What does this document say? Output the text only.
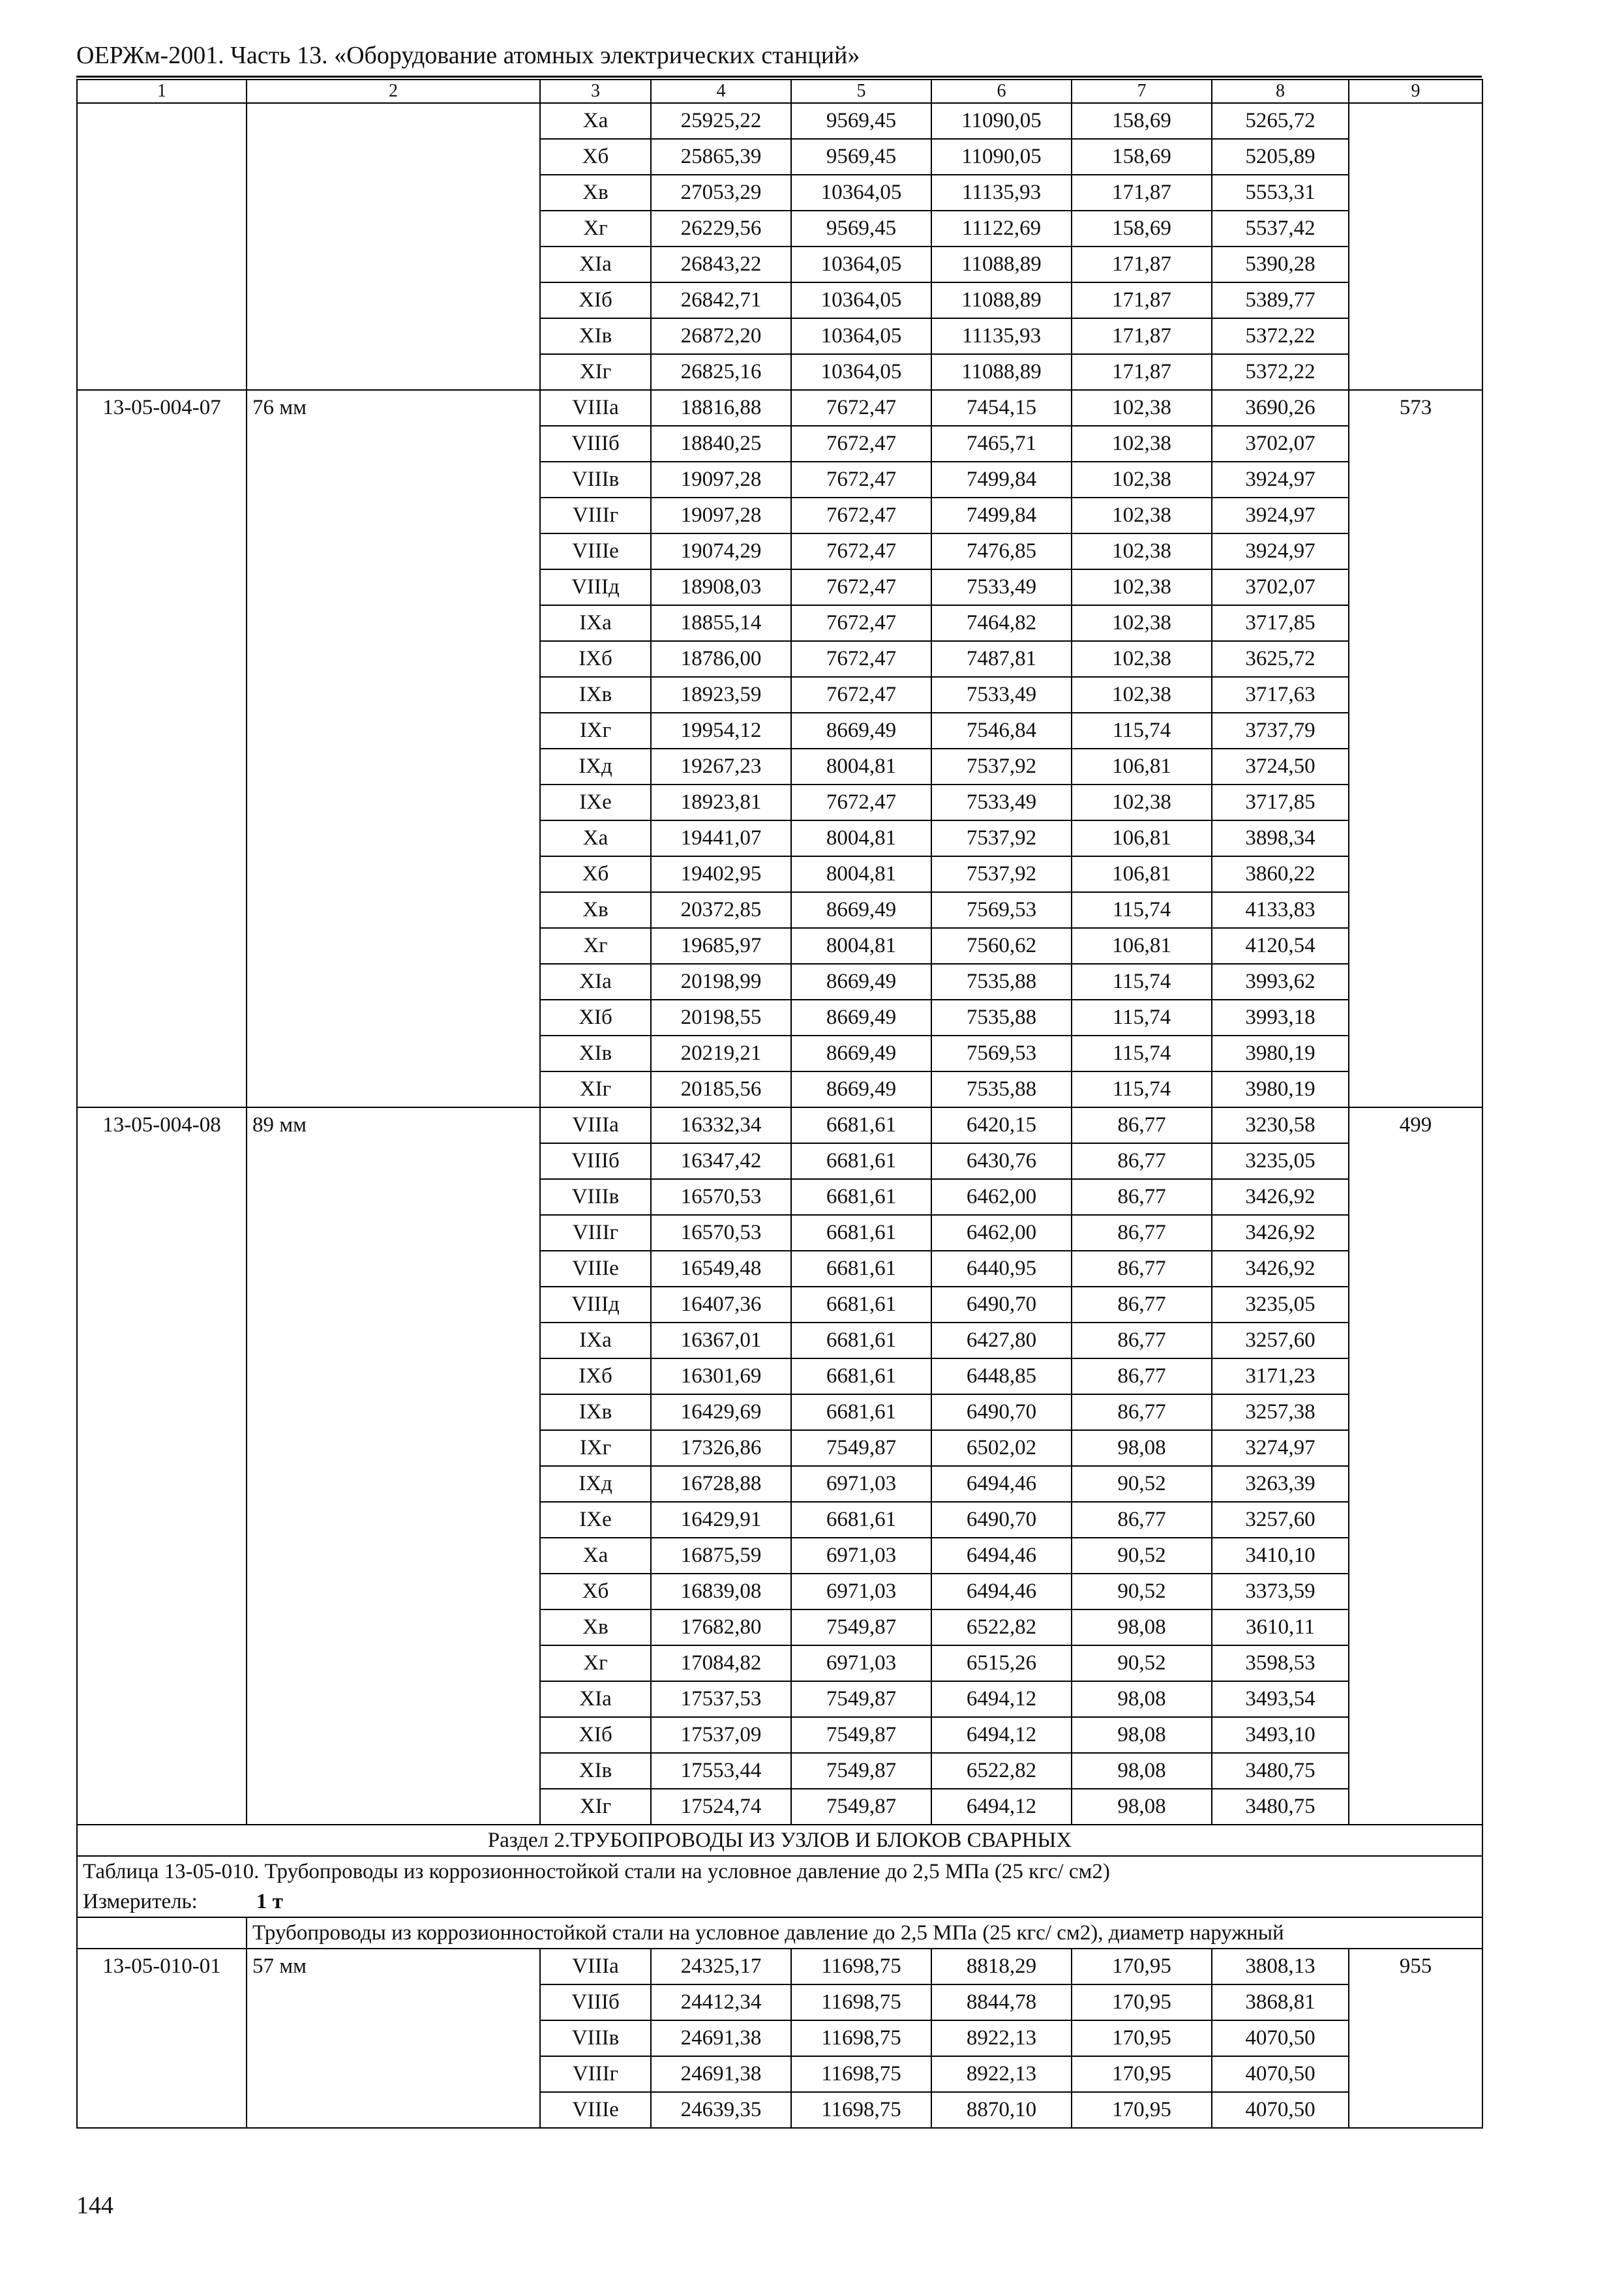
ОЕРЖм-2001. Часть 13. «Оборудование атомных электрических станций»
1	2	3	4	5	6	7	8	9
		Xа	25925,22	9569,45	11090,05	158,69	5265,72	
		Xб	25865,39	9569,45	11090,05	158,69	5205,89	
		Xв	27053,29	10364,05	11135,93	171,87	5553,31	
		Xг	26229,56	9569,45	11122,69	158,69	5537,42	
		XIа	26843,22	10364,05	11088,89	171,87	5390,28	
		XIб	26842,71	10364,05	11088,89	171,87	5389,77	
		XIв	26872,20	10364,05	11135,93	171,87	5372,22	
		XIг	26825,16	10364,05	11088,89	171,87	5372,22	
13-05-004-07	76 мм	VIIIа	18816,88	7672,47	7454,15	102,38	3690,26	573
		VIIIб	18840,25	7672,47	7465,71	102,38	3702,07	
		VIIIв	19097,28	7672,47	7499,84	102,38	3924,97	
		VIIIг	19097,28	7672,47	7499,84	102,38	3924,97	
		VIIIе	19074,29	7672,47	7476,85	102,38	3924,97	
		VIIIд	18908,03	7672,47	7533,49	102,38	3702,07	
		IXа	18855,14	7672,47	7464,82	102,38	3717,85	
		IXб	18786,00	7672,47	7487,81	102,38	3625,72	
		IXв	18923,59	7672,47	7533,49	102,38	3717,63	
		IXг	19954,12	8669,49	7546,84	115,74	3737,79	
		IXд	19267,23	8004,81	7537,92	106,81	3724,50	
		IXе	18923,81	7672,47	7533,49	102,38	3717,85	
		Xа	19441,07	8004,81	7537,92	106,81	3898,34	
		Xб	19402,95	8004,81	7537,92	106,81	3860,22	
		Xв	20372,85	8669,49	7569,53	115,74	4133,83	
		Xг	19685,97	8004,81	7560,62	106,81	4120,54	
		XIа	20198,99	8669,49	7535,88	115,74	3993,62	
		XIб	20198,55	8669,49	7535,88	115,74	3993,18	
		XIв	20219,21	8669,49	7569,53	115,74	3980,19	
		XIг	20185,56	8669,49	7535,88	115,74	3980,19	
13-05-004-08	89 мм	VIIIа	16332,34	6681,61	6420,15	86,77	3230,58	499
		VIIIб	16347,42	6681,61	6430,76	86,77	3235,05	
		VIIIв	16570,53	6681,61	6462,00	86,77	3426,92	
		VIIIг	16570,53	6681,61	6462,00	86,77	3426,92	
		VIIIе	16549,48	6681,61	6440,95	86,77	3426,92	
		VIIIд	16407,36	6681,61	6490,70	86,77	3235,05	
		IXа	16367,01	6681,61	6427,80	86,77	3257,60	
		IXб	16301,69	6681,61	6448,85	86,77	3171,23	
		IXв	16429,69	6681,61	6490,70	86,77	3257,38	
		IXг	17326,86	7549,87	6502,02	98,08	3274,97	
		IXд	16728,88	6971,03	6494,46	90,52	3263,39	
		IXе	16429,91	6681,61	6490,70	86,77	3257,60	
		Xа	16875,59	6971,03	6494,46	90,52	3410,10	
		Xб	16839,08	6971,03	6494,46	90,52	3373,59	
		Xв	17682,80	7549,87	6522,82	98,08	3610,11	
		Xг	17084,82	6971,03	6515,26	90,52	3598,53	
		XIа	17537,53	7549,87	6494,12	98,08	3493,54	
		XIб	17537,09	7549,87	6494,12	98,08	3493,10	
		XIв	17553,44	7549,87	6522,82	98,08	3480,75	
		XIг	17524,74	7549,87	6494,12	98,08	3480,75	
Раздел 2.ТРУБОПРОВОДЫ ИЗ УЗЛОВ И БЛОКОВ СВАРНЫХ								
Таблица 13-05-010. Трубопроводы из коррозионностойкой стали на условное давление до 2,5 МПа (25 кгс/ см2)								
Измеритель: 1 т								
	Трубопроводы из коррозионностойкой стали на условное давление до 2,5 МПа (25 кгс/ см2), диаметр наружный							
13-05-010-01	57 мм	VIIIа	24325,17	11698,75	8818,29	170,95	3808,13	955
		VIIIб	24412,34	11698,75	8844,78	170,95	3868,81	
		VIIIв	24691,38	11698,75	8922,13	170,95	4070,50	
		VIIIг	24691,38	11698,75	8922,13	170,95	4070,50	
		VIIIе	24639,35	11698,75	8870,10	170,95	4070,50	
144
